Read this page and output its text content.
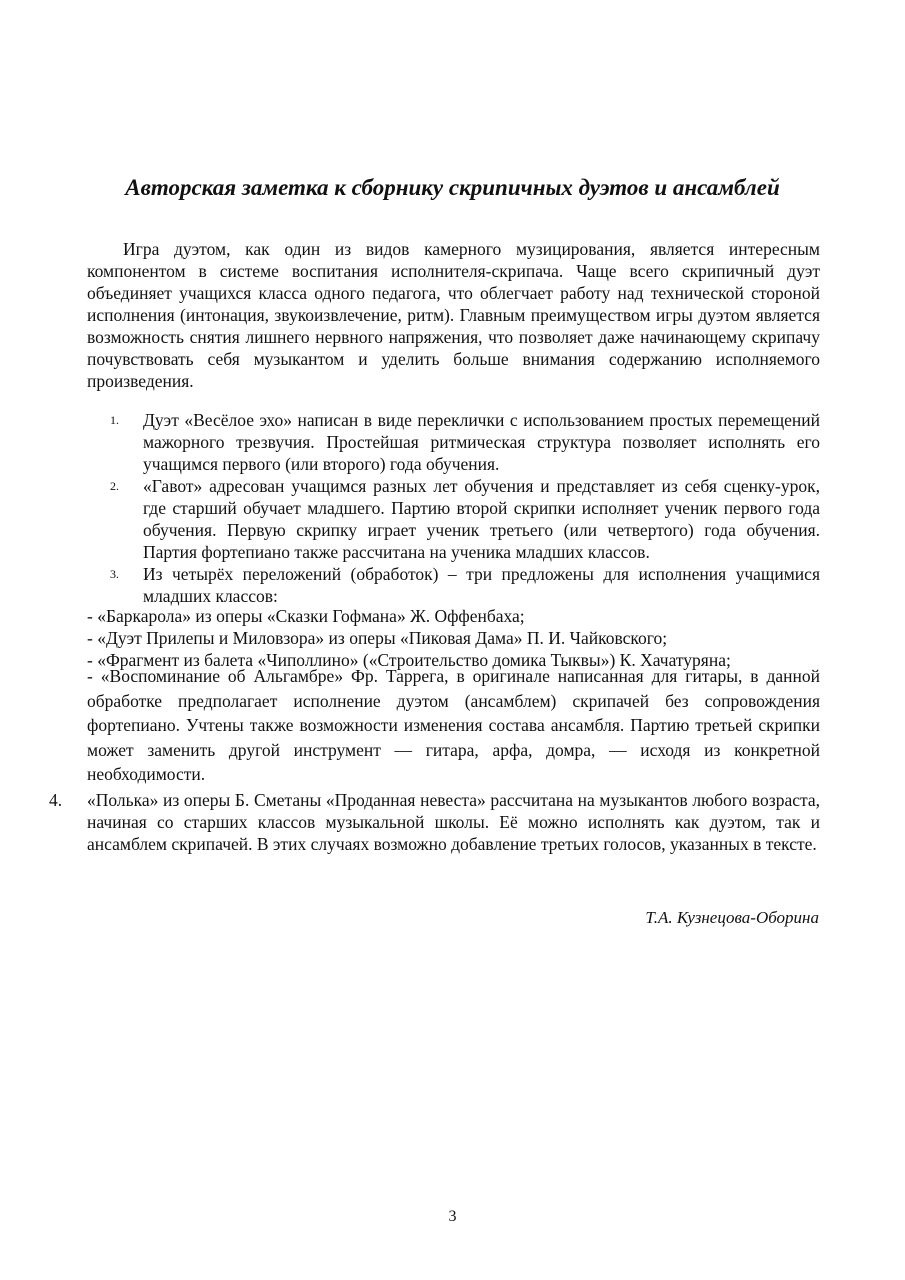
Авторская заметка к сборнику скрипичных дуэтов и ансамблей
Игра дуэтом, как один из видов камерного музицирования, является интересным компонентом в системе воспитания исполнителя-скрипача. Чаще всего скрипичный дуэт объединяет учащихся класса одного педагога, что облегчает работу над технической стороной исполнения (интонация, звукоизвлечение, ритм). Главным преимуществом игры дуэтом является возможность снятия лишнего нервного напряжения, что позволяет даже начинающему скрипачу почувствовать себя музыкантом и уделить больше внимания содержанию исполняемого произведения.
1. Дуэт «Весёлое эхо» написан в виде переклички с использованием простых перемещений мажорного трезвучия. Простейшая ритмическая структура позволяет исполнять его учащимся первого (или второго) года обучения.
2. «Гавот» адресован учащимся разных лет обучения и представляет из себя сценку-урок, где старший обучает младшего. Партию второй скрипки исполняет ученик первого года обучения. Первую скрипку играет ученик третьего (или четвертого) года обучения. Партия фортепиано также рассчитана на ученика младших классов.
3. Из четырёх переложений (обработок) – три предложены для исполнения учащимися младших классов:
- «Баркарола» из оперы «Сказки Гофмана» Ж. Оффенбаха;
- «Дуэт Прилепы и Миловзора» из оперы «Пиковая Дама» П. И. Чайковского;
- «Фрагмент из балета «Чиполлино» («Строительство домика Тыквы») К. Хачатуряна;
- «Воспоминание об Альгамбре» Фр. Таррега, в оригинале написанная для гитары, в данной обработке предполагает исполнение дуэтом (ансамблем) скрипачей без сопровождения фортепиано. Учтены также возможности изменения состава ансамбля. Партию третьей скрипки может заменить другой инструмент — гитара, арфа, домра, — исходя из конкретной необходимости.
4.	«Полька» из оперы Б. Сметаны «Проданная невеста» рассчитана на музыкантов любого возраста, начиная со старших классов музыкальной школы. Её можно исполнять как дуэтом, так и ансамблем скрипачей. В этих случаях возможно добавление третьих голосов, указанных в тексте.
Т.А. Кузнецова-Оборина
3
